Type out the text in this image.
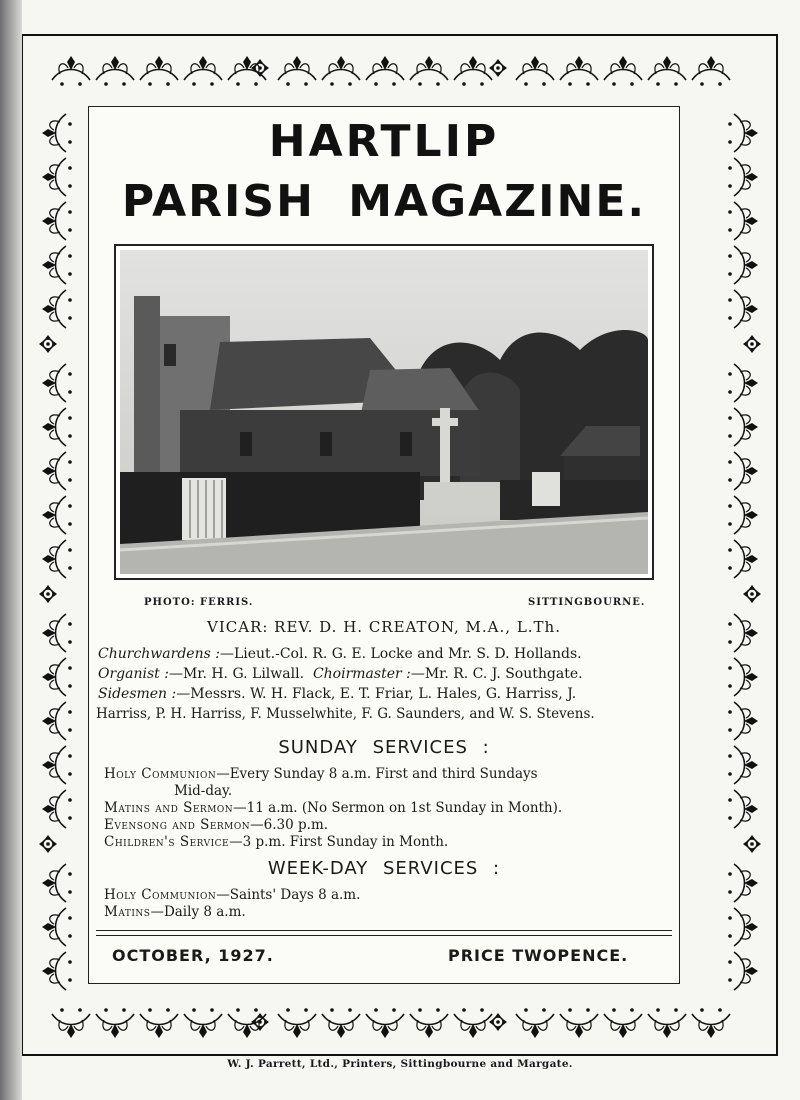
HARTLIP
PARISH MAGAZINE.
PHOTO: FERRIS.	SITTINGBOURNE.
VICAR: REV. D. H. CREATON, M.A., L.Th.
Churchwardens :—Lieut.-Col. R. G. E. Locke and Mr. S. D. Hollands.
Organist :—Mr. H. G. Lilwall. Choirmaster :—Mr. R. C. J. Southgate.
Sidesmen :—Messrs. W. H. Flack, E. T. Friar, L. Hales, G. Harriss, J.
Harriss, P. H. Harriss, F. Musselwhite, F. G. Saunders, and W. S. Stevens.
SUNDAY SERVICES :
Holy Communion—Every Sunday 8 a.m. First and third Sundays
Mid-day.
Matins and Sermon—11 a.m. (No Sermon on 1st Sunday in Month).
Evensong and Sermon—6.30 p.m.
Children's Service—3 p.m. First Sunday in Month.
WEEK-DAY SERVICES :
Holy Communion—Saints' Days 8 a.m.
Matins—Daily 8 a.m.
OCTOBER, 1927.	PRICE TWOPENCE.
W. J. Parrett, Ltd., Printers, Sittingbourne and Margate.
